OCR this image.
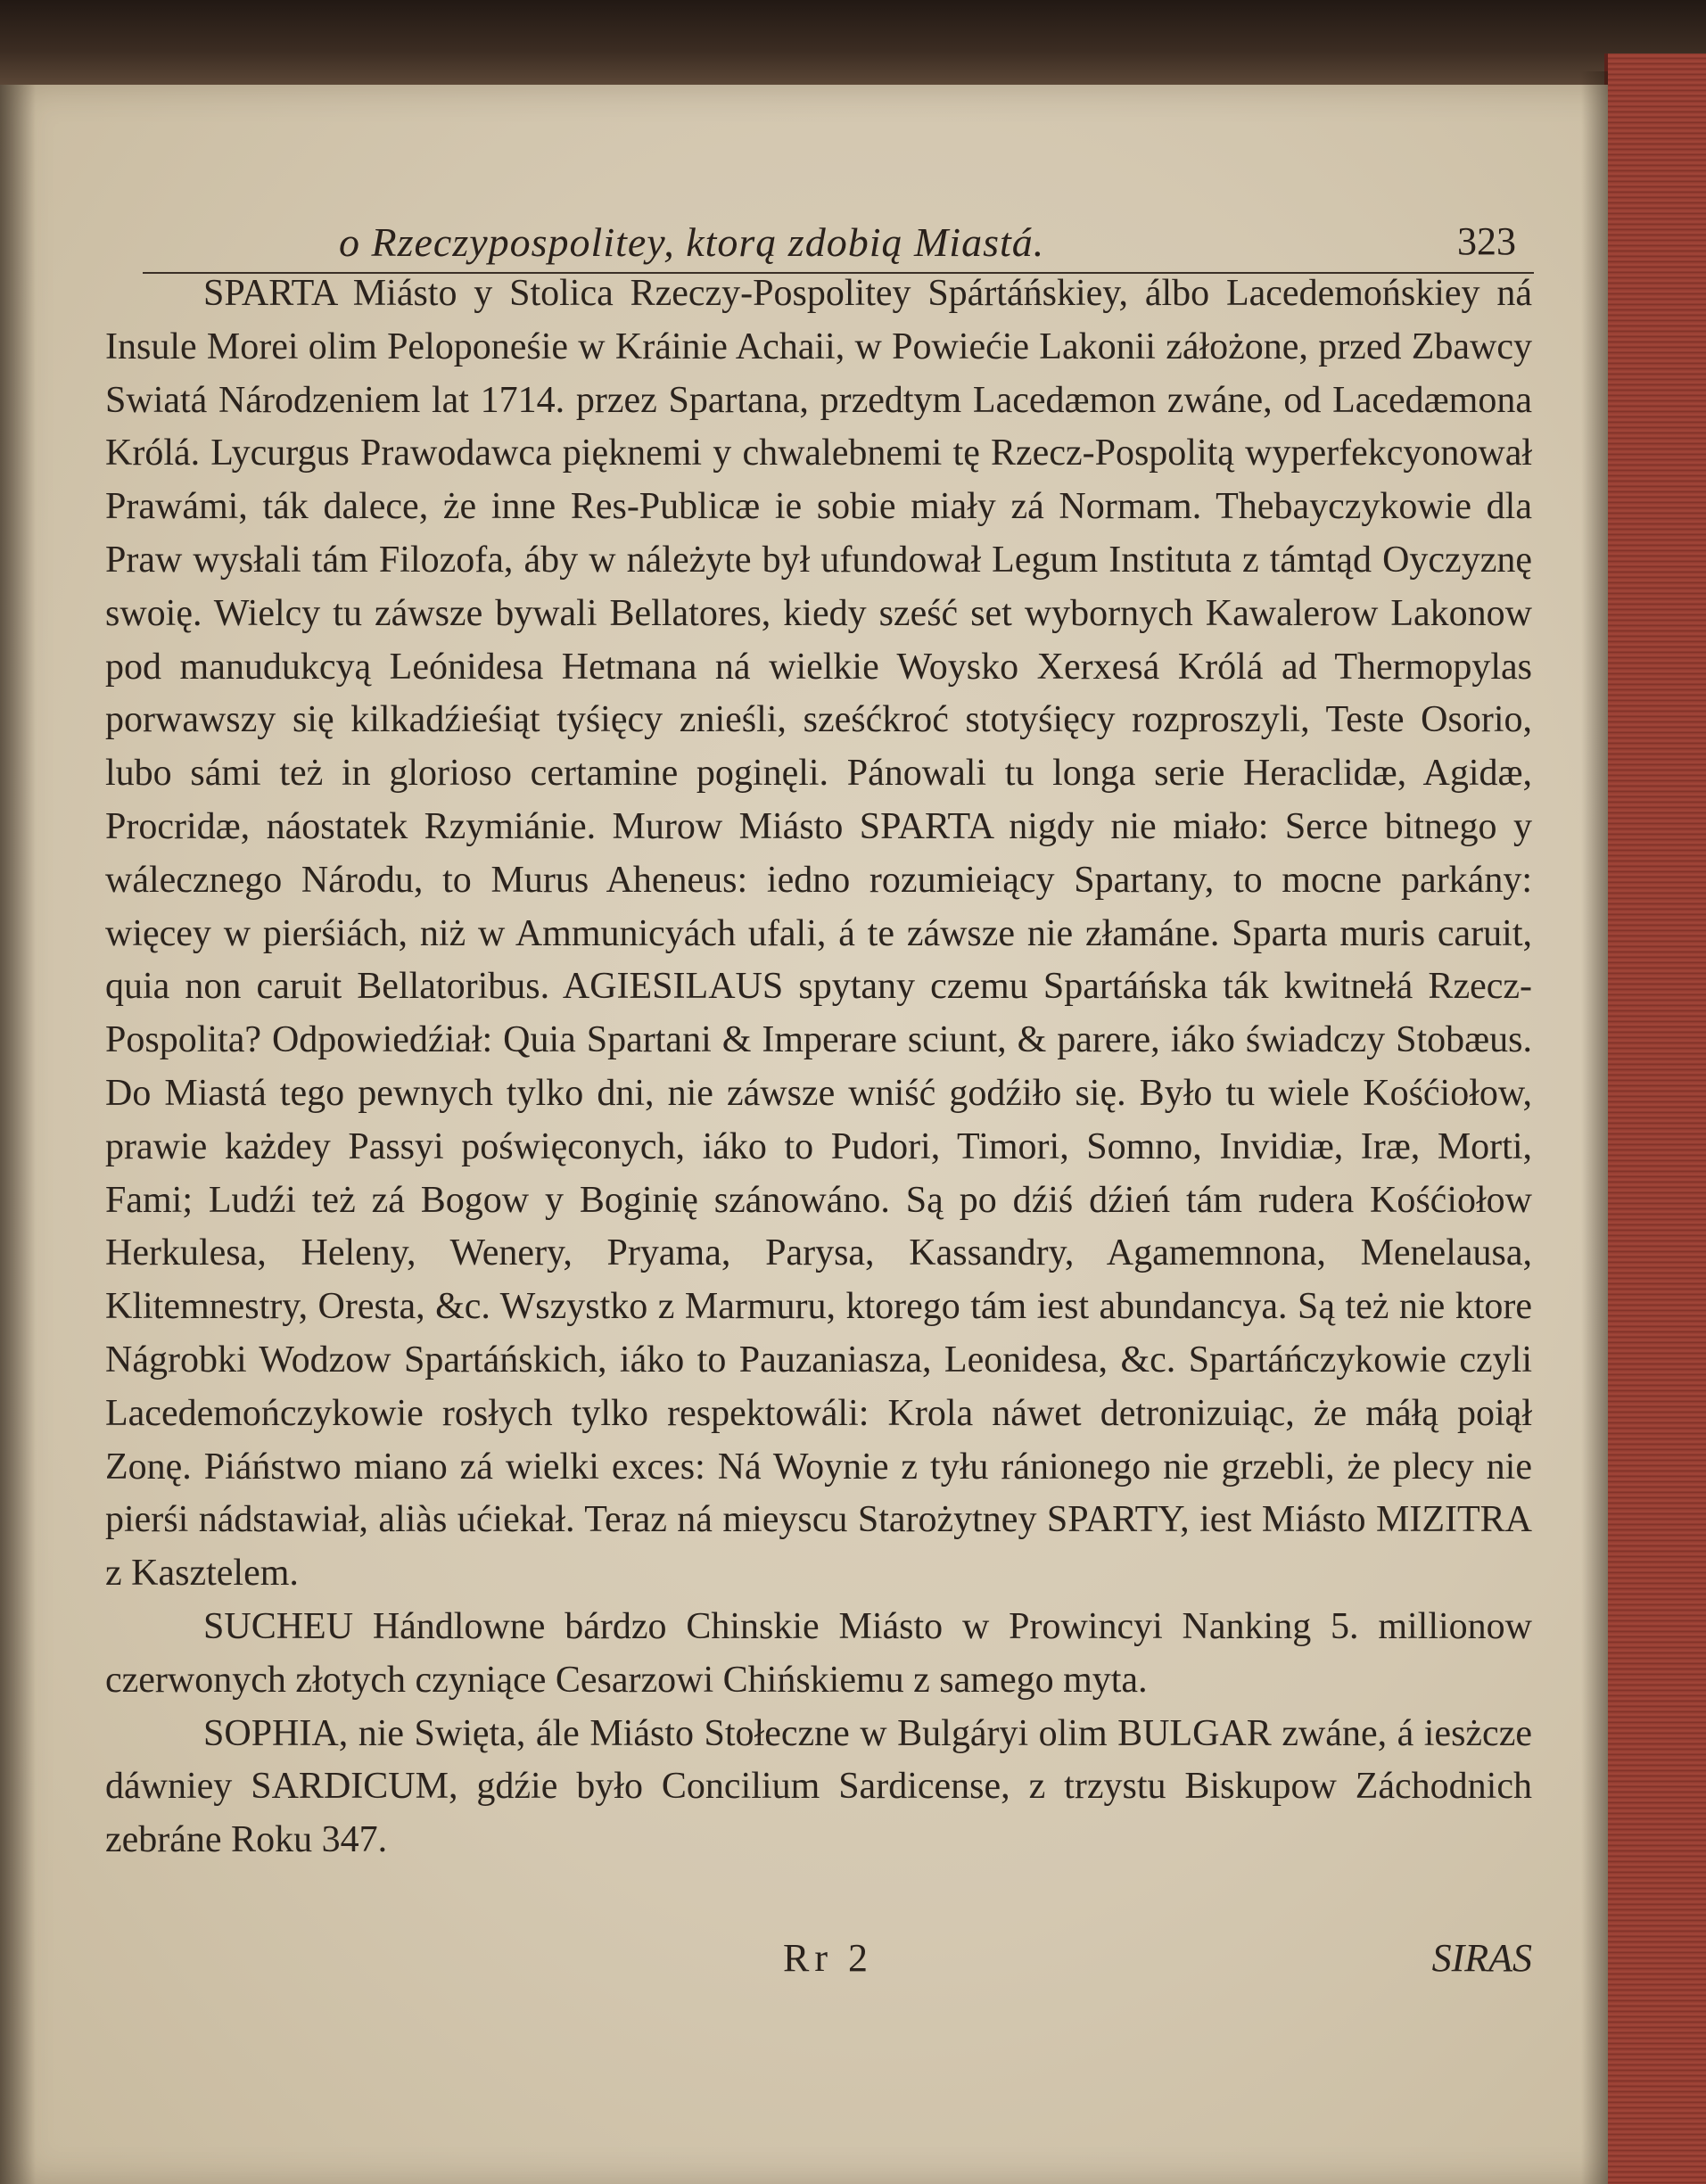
o Rzeczypospolitey, ktorą zdobią Miastá.	323

SPARTA Miásto y Stolica Rzeczy-Pospolitey Spártáńskiey, álbo Lacedemońskiey ná Insule Morei olim Peloponeśie w Kráinie Achaii, w Powiećie Lakonii záłożone, przed Zbawcy Swiatá Národzeniem lat 1714. przez Spartana, przedtym Lacedæmon zwáne, od Lacedæmona Królá. Lycurgus Prawodawca pięknemi y chwalebnemi tę Rzecz-Pospolitą wyperfekcyonował Prawámi, ták dalece, że inne Res-Publicæ ie sobie miały zá Normam. Thebayczykowie dla Praw wysłali tám Filozofa, áby w náleżyte był ufundował Legum Instituta z támtąd Oyczyznę swoię. Wielcy tu záwsze bywali Bellatores, kiedy sześć set wybornych Kawalerow Lakonow pod manudukcyą Leónidesa Hetmana ná wielkie Woysko Xerxesá Królá ad Thermopylas porwawszy się kilkadźieśiąt tyśięcy znieśli, sześćkroć stotyśięcy rozproszyli, Teste Osorio, lubo sámi też in glorioso certamine poginęli. Pánowali tu longa serie Heraclidæ, Agidæ, Procridæ, náostatek Rzymiánie. Murow Miásto SPARTA nigdy nie miało: Serce bitnego y wálecznego Národu, to Murus Aheneus: iedno rozumieiący Spartany, to mocne parkány: więcey w pierśiách, niż w Ammunicyách ufali, á te záwsze nie złamáne. Sparta muris caruit, quia non caruit Bellatoribus. AGIESILAUS spytany czemu Spartáńska ták kwitnełá Rzecz-Pospolita? Odpowiedźiał: Quia Spartani & Imperare sciunt, & parere, iáko świadczy Stobæus. Do Miastá tego pewnych tylko dni, nie záwsze wniść godźiło się. Było tu wiele Kośćiołow, prawie każdey Passyi poświęconych, iáko to Pudori, Timori, Somno, Invidiæ, Iræ, Morti, Fami; Ludźi też zá Bogow y Boginię szánowáno. Są po dźiś dźień tám rudera Kośćiołow Herkulesa, Heleny, Wenery, Pryama, Parysa, Kassandry, Agamemnona, Menelausa, Klitemnestry, Oresta, &c. Wszystko z Marmuru, ktorego tám iest abundancya. Są też nie ktore Nágrobki Wodzow Spartáńskich, iáko to Pauzaniasza, Leonidesa, &c. Spartáńczykowie czyli Lacedemończykowie rosłych tylko respektowáli: Krola náwet detronizuiąc, że máłą poiął Zonę. Piáństwo miano zá wielki exces: Ná Woynie z tyłu ránionego nie grzebli, że plecy nie pierśi nádstawiał, aliàs ućiekał. Teraz ná mieyscu Starożytney SPARTY, iest Miásto MIZITRA z Kasztelem.

SUCHEU Hándlowne bárdzo Chinskie Miásto w Prowincyi Nanking 5. millionow czerwonych złotych czyniące Cesarzowi Chińskiemu z samego myta.

SOPHIA, nie Swięta, ále Miásto Stołeczne w Bulgáryi olim BULGAR zwáne, á iesżcze dáwniey SARDICUM, gdźie było Concilium Sardicense, z trzystu Biskupow Záchodnich zebráne Roku 347.

Rr 2	SIRAS
